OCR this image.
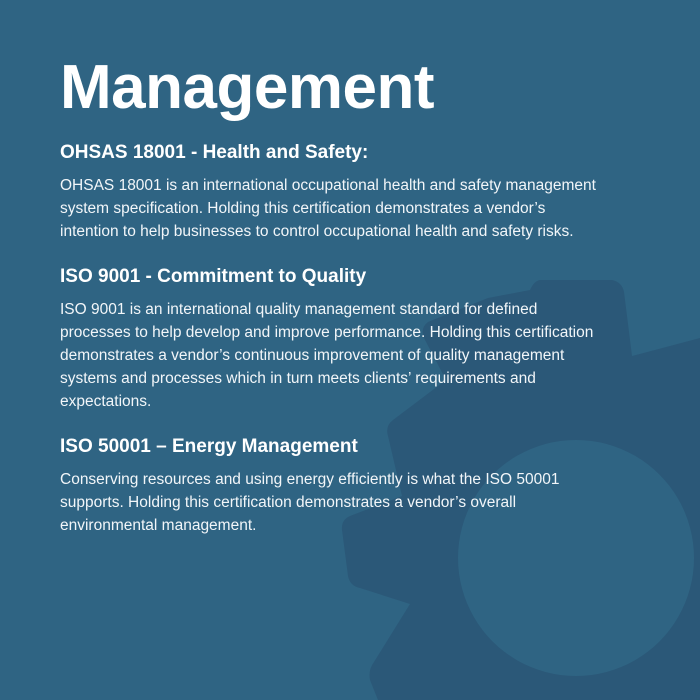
Management
OHSAS 18001 - Health and Safety:

OHSAS 18001 is an international occupational health and safety management system specification. Holding this certification demonstrates a vendor’s intention to help businesses to control occupational health and safety risks.

ISO 9001 - Commitment to Quality

ISO 9001 is an international quality management standard for defined processes to help develop and improve performance. Holding this certification demonstrates a vendor’s continuous improvement of quality management systems and processes which in turn meets clients’ requirements and expectations.

ISO 50001 – Energy Management

Conserving resources and using energy efficiently is what the ISO 50001 supports. Holding this certification demonstrates a vendor’s overall environmental management.
